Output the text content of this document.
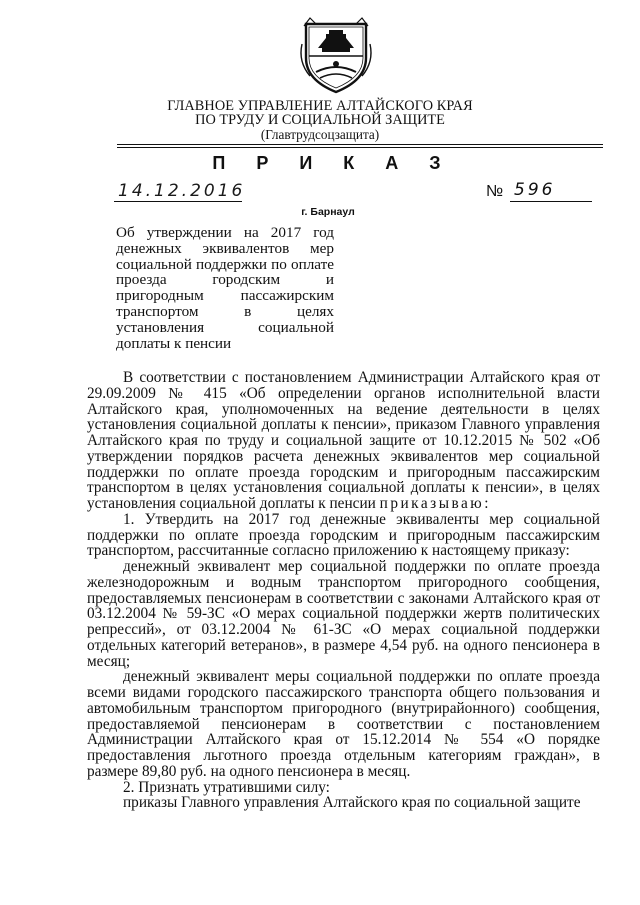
ГЛАВНОЕ УПРАВЛЕНИЕ АЛТАЙСКОГО КРАЯ
ПО ТРУДУ И СОЦИАЛЬНОЙ ЗАЩИТЕ
(Главтрудсоцзащита)
П Р И К А З
14.12.2016	№ 596
г. Барнаул
Об утверждении на 2017 год денежных эквивалентов мер социальной поддержки по оплате проезда городским и пригородным пассажирским транспортом в целях установления социальной доплаты к пенсии

В соответствии с постановлением Администрации Алтайского края от 29.09.2009 № 415 «Об определении органов исполнительной власти Алтайского края, уполномоченных на ведение деятельности в целях установления социальной доплаты к пенсии», приказом Главного управления Алтайского края по труду и социальной защите от 10.12.2015 № 502 «Об утверждении порядков расчета денежных эквивалентов мер социальной поддержки по оплате проезда городским и пригородным пассажирским транспортом в целях установления социальной доплаты к пенсии», в целях установления социальной доплаты к пенсии приказываю:

1. Утвердить на 2017 год денежные эквиваленты мер социальной поддержки по оплате проезда городским и пригородным пассажирским транспортом, рассчитанные согласно приложению к настоящему приказу:

денежный эквивалент мер социальной поддержки по оплате проезда железнодорожным и водным транспортом пригородного сообщения, предоставляемых пенсионерам в соответствии с законами Алтайского края от 03.12.2004 № 59-ЗС «О мерах социальной поддержки жертв политических репрессий», от 03.12.2004 № 61-ЗС «О мерах социальной поддержки отдельных категорий ветеранов», в размере 4,54 руб. на одного пенсионера в месяц;

денежный эквивалент меры социальной поддержки по оплате проезда всеми видами городского пассажирского транспорта общего пользования и автомобильным транспортом пригородного (внутрирайонного) сообщения, предоставляемой пенсионерам в соответствии с постановлением Администрации Алтайского края от 15.12.2014 № 554 «О порядке предоставления льготного проезда отдельным категориям граждан», в размере 89,80 руб. на одного пенсионера в месяц.

2. Признать утратившими силу:

приказы Главного управления Алтайского края по социальной защите
